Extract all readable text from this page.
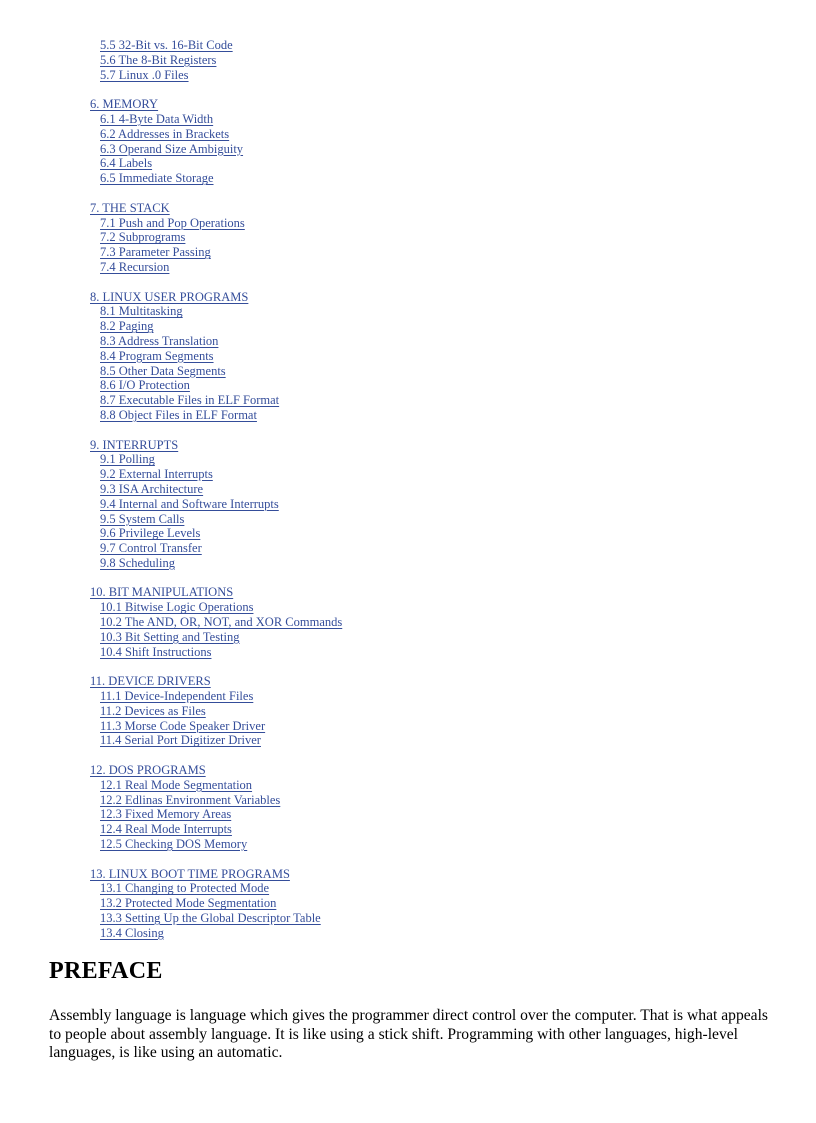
5.5 32-Bit vs. 16-Bit Code
5.6 The 8-Bit Registers
5.7 Linux .0 Files
6. MEMORY
6.1 4-Byte Data Width
6.2 Addresses in Brackets
6.3 Operand Size Ambiguity
6.4 Labels
6.5 Immediate Storage
7. THE STACK
7.1 Push and Pop Operations
7.2 Subprograms
7.3 Parameter Passing
7.4 Recursion
8. LINUX USER PROGRAMS
8.1 Multitasking
8.2 Paging
8.3 Address Translation
8.4 Program Segments
8.5 Other Data Segments
8.6 I/O Protection
8.7 Executable Files in ELF Format
8.8 Object Files in ELF Format
9. INTERRUPTS
9.1 Polling
9.2 External Interrupts
9.3 ISA Architecture
9.4 Internal and Software Interrupts
9.5 System Calls
9.6 Privilege Levels
9.7 Control Transfer
9.8 Scheduling
10. BIT MANIPULATIONS
10.1 Bitwise Logic Operations
10.2 The AND, OR, NOT, and XOR Commands
10.3 Bit Setting and Testing
10.4 Shift Instructions
11. DEVICE DRIVERS
11.1 Device-Independent Files
11.2 Devices as Files
11.3 Morse Code Speaker Driver
11.4 Serial Port Digitizer Driver
12. DOS PROGRAMS
12.1 Real Mode Segmentation
12.2 Edlinas Environment Variables
12.3 Fixed Memory Areas
12.4 Real Mode Interrupts
12.5 Checking DOS Memory
13. LINUX BOOT TIME PROGRAMS
13.1 Changing to Protected Mode
13.2 Protected Mode Segmentation
13.3 Setting Up the Global Descriptor Table
13.4 Closing
PREFACE

Assembly language is language which gives the programmer direct control over the computer. That is what appeals to people about assembly language. It is like using a stick shift. Programming with other languages, high-level languages, is like using an automatic.
